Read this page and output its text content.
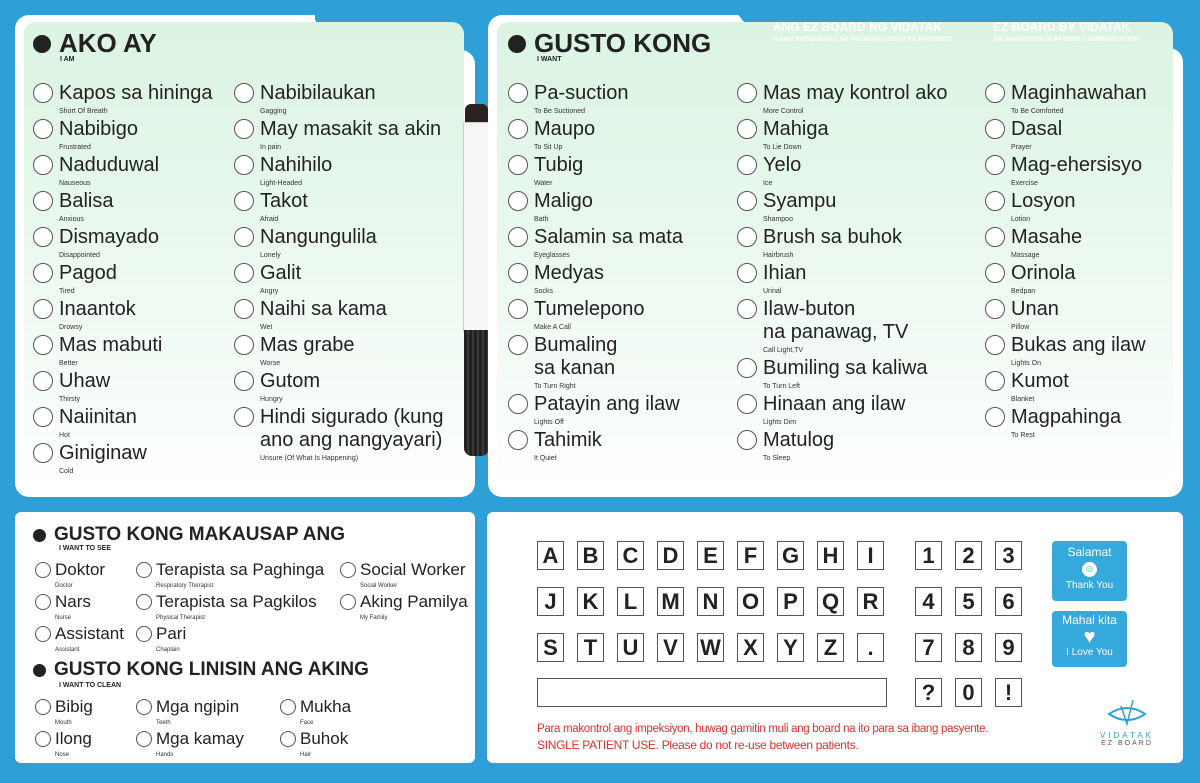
AKO AY
I AM
Kapos sa hininga
Short Of Breath
Nabibigo
Frustrated
Naduduwal
Nauseous
Balisa
Anxious
Dismayado
Disappointed
Pagod
Tired
Inaantok
Drowsy
Mas mabuti
Better
Uhaw
Thirsty
Naiinitan
Hot
Giniginaw
Cold
Nabibilaukan
Gagging
May masakit sa akin
In pain
Nahihilo
Light-Headed
Takot
Afraid
Nangungulila
Lonely
Galit
Angry
Naihi sa kama
Wet
Mas grabe
Worse
Gutom
Hungry
Hindi sigurado (kung
ano ang nangyayari)
Unsure (Of What Is Happening)
ANG EZ BOARD NG VIDATAK
ISANG PAGBABAGO SA PAKIKIPAG-USAP SA PASYENTE
EZ BOARD BY VIDATAK
AN INNOVATION IN PATIENT COMMUNICATION
GUSTO KONG
I WANT
Pa-suction
To Be Suctioned
Maupo
To Sit Up
Tubig
Water
Maligo
Bath
Salamin sa mata
Eyeglasses
Medyas
Socks
Tumelepono
Make A Call
Bumaling
sa kanan
To Turn Right
Patayin ang ilaw
Lights Off
Tahimik
It Quiet
Mas may kontrol ako
More Control
Mahiga
To Lie Down
Yelo
Ice
Syampu
Shampoo
Brush sa buhok
Hairbrush
Ihian
Urinal
Ilaw-buton
na panawag, TV
Call Light,TV
Bumiling sa kaliwa
To Turn Left
Hinaan ang ilaw
Lights Dim
Matulog
To Sleep
Maginhawahan
To Be Comforted
Dasal
Prayer
Mag-ehersisyo
Exercise
Losyon
Lotion
Masahe
Massage
Orinola
Bedpan
Unan
Pillow
Bukas ang ilaw
Lights On
Kumot
Blanket
Magpahinga
To Rest
GUSTO KONG MAKAUSAP ANG
I WANT TO SEE
Doktor
Doctor
Nars
Nurse
Assistant
Assistant
Terapista sa Paghinga
Respiratory Therapist
Terapista sa Pagkilos
Physical Therapist
Pari
Chaplain
Social Worker
Social Worker
Aking Pamilya
My Family
GUSTO KONG LINISIN ANG AKING
I WANT TO CLEAN
Bibig
Mouth
Ilong
Nose
Mga ngipin
Teeth
Mga kamay
Hands
Mukha
Face
Buhok
Hair
A B C D E	F	G H	I
J	K	L	M N O P Q R
S	T	U V W X Y	Z	.
1	2	3
4	5	6
7	8	9
?	0	!
Salamat
☺
Thank You
Mahal kita
♥
I Love You
Para makontrol ang impeksiyon, huwag gamitin muli ang board na ito para sa ibang pasyente.
SINGLE PATIENT USE. Please do not re-use between patients.
VIDATAK
EZ BOARD
